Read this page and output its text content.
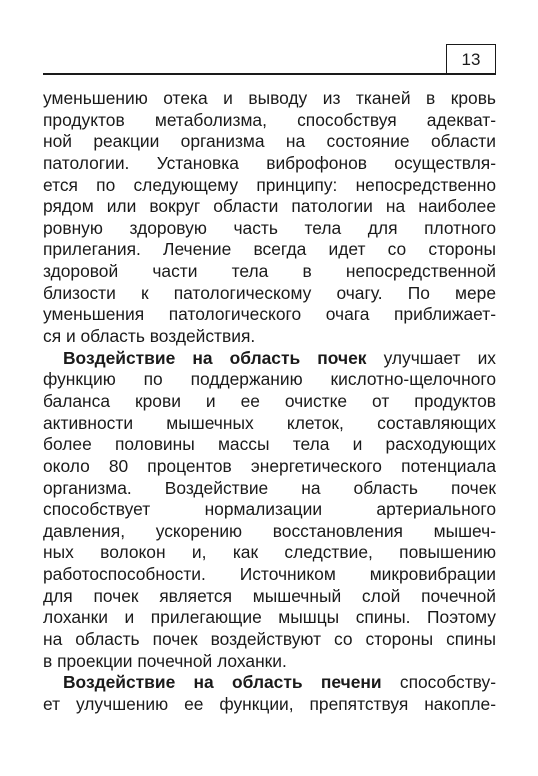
13
уменьшению отека и выводу из тканей в кровь
продуктов метаболизма, способствуя адекват-
ной реакции организма на состояние области
патологии. Установка виброфонов осуществля-
ется по следующему принципу: непосредственно
рядом или вокруг области патологии на наиболее
ровную здоровую часть тела для плотного
прилегания. Лечение всегда идет со стороны
здоровой части тела в непосредственной
близости к патологическому очагу. По мере
уменьшения патологического очага приближает-
ся и область воздействия.
Воздействие на область почек улучшает их
функцию по поддержанию кислотно-щелочного
баланса крови и ее очистке от продуктов
активности мышечных клеток, составляющих
более половины массы тела и расходующих
около 80 процентов энергетического потенциала
организма. Воздействие на область почек
способствует нормализации артериального
давления, ускорению восстановления мышеч-
ных волокон и, как следствие, повышению
работоспособности. Источником микровибрации
для почек является мышечный слой почечной
лоханки и прилегающие мышцы спины. Поэтому
на область почек воздействуют со стороны спины
в проекции почечной лоханки.
Воздействие на область печени способству-
ет улучшению ее функции, препятствуя накопле-
